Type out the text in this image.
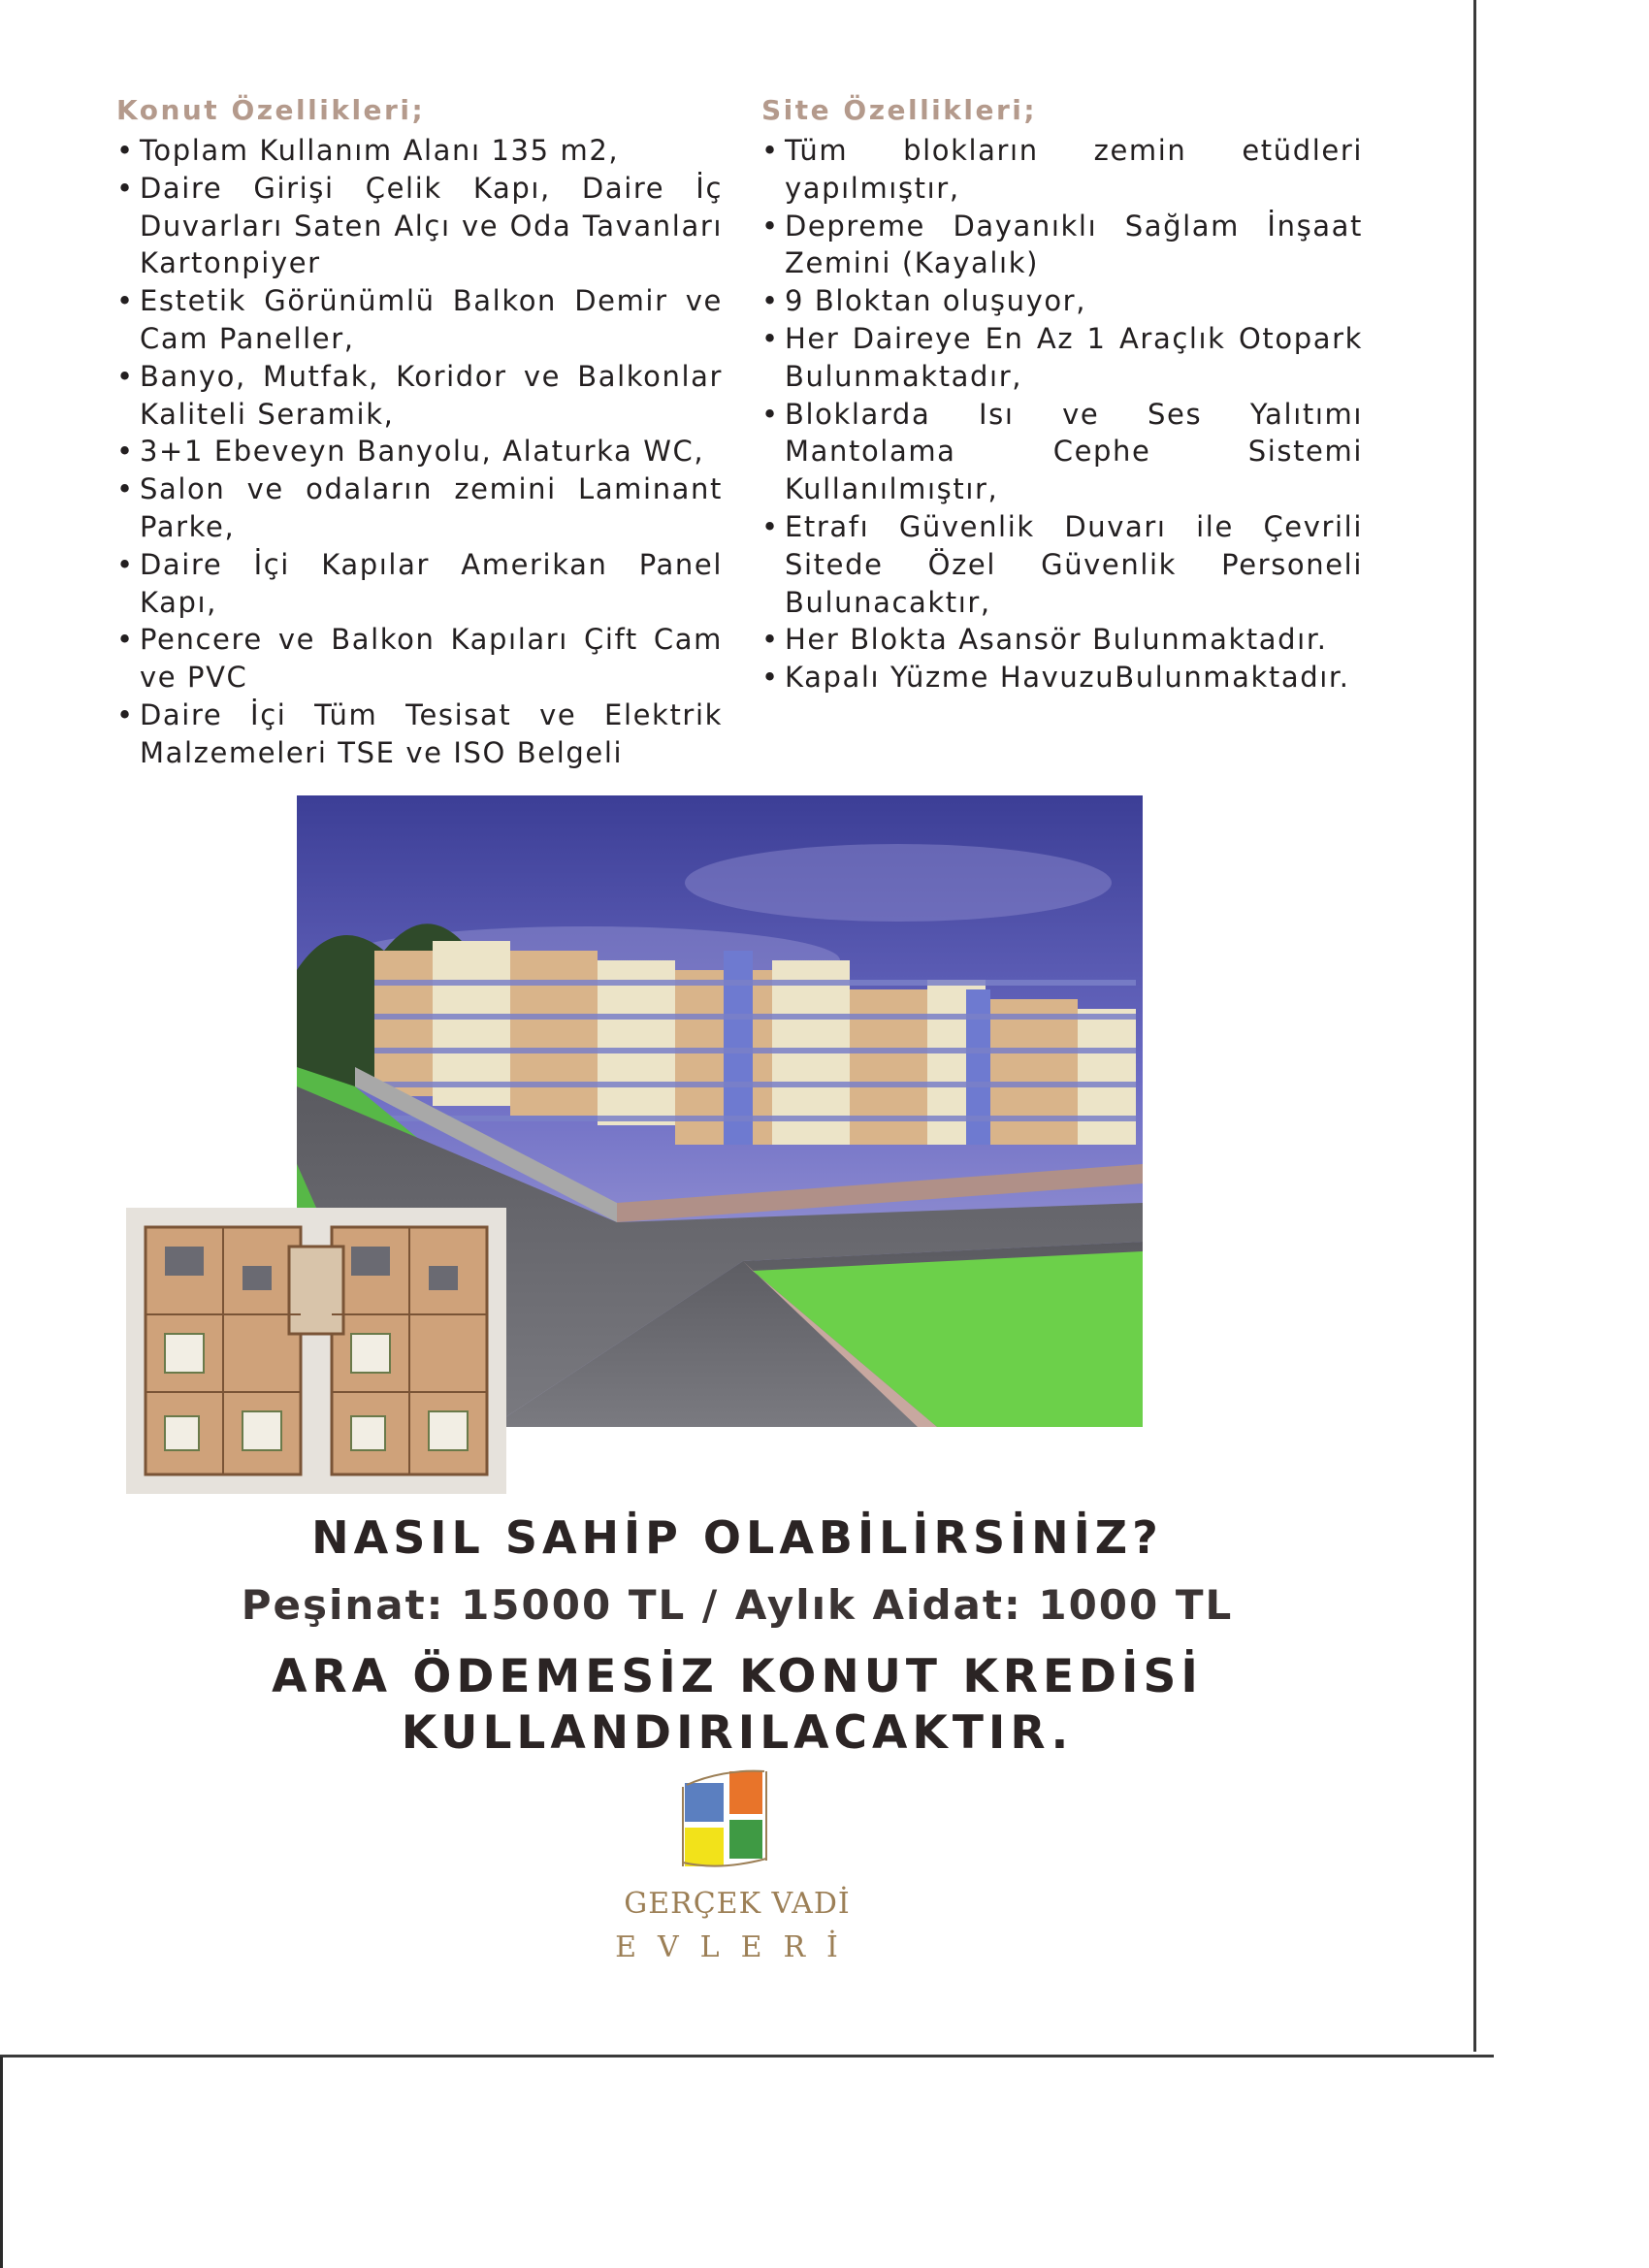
Konut Özellikleri;
• Toplam Kullanım Alanı 135 m2,
• Daire Girişi Çelik Kapı, Daire İç Duvarları Saten Alçı ve Oda Tavanları Kartonpiyer
• Estetik Görünümlü Balkon Demir ve Cam Paneller,
• Banyo, Mutfak, Koridor ve Balkonlar Kaliteli Seramik,
• 3+1 Ebeveyn Banyolu, Alaturka WC,
• Salon ve odaların zemini Laminant Parke,
• Daire İçi Kapılar Amerikan Panel Kapı,
• Pencere ve Balkon Kapıları Çift Cam ve PVC
• Daire İçi Tüm Tesisat ve Elektrik Malzemeleri TSE ve ISO Belgeli
Site Özellikleri;
• Tüm blokların zemin etüdleri yapılmıştır,
• Depreme Dayanıklı Sağlam İnşaat Zemini (Kayalık)
• 9 Bloktan oluşuyor,
• Her Daireye En Az 1 Araçlık Otopark Bulunmaktadır,
• Bloklarda Isı ve Ses Yalıtımı Mantolama Cephe Sistemi Kullanılmıştır,
• Etrafı Güvenlik Duvarı ile Çevrili Sitede Özel Güvenlik Personeli Bulunacaktır,
• Her Blokta Asansör Bulunmaktadır.
• Kapalı Yüzme HavuzuBulunmaktadır.
NASIL SAHİP OLABİLİRSİNİZ?
Peşinat: 15000 TL / Aylık Aidat: 1000 TL
ARA ÖDEMESİZ KONUT KREDİSİ
KULLANDIRILACAKTIR.
GERÇEK VADİ
EVLERİ
